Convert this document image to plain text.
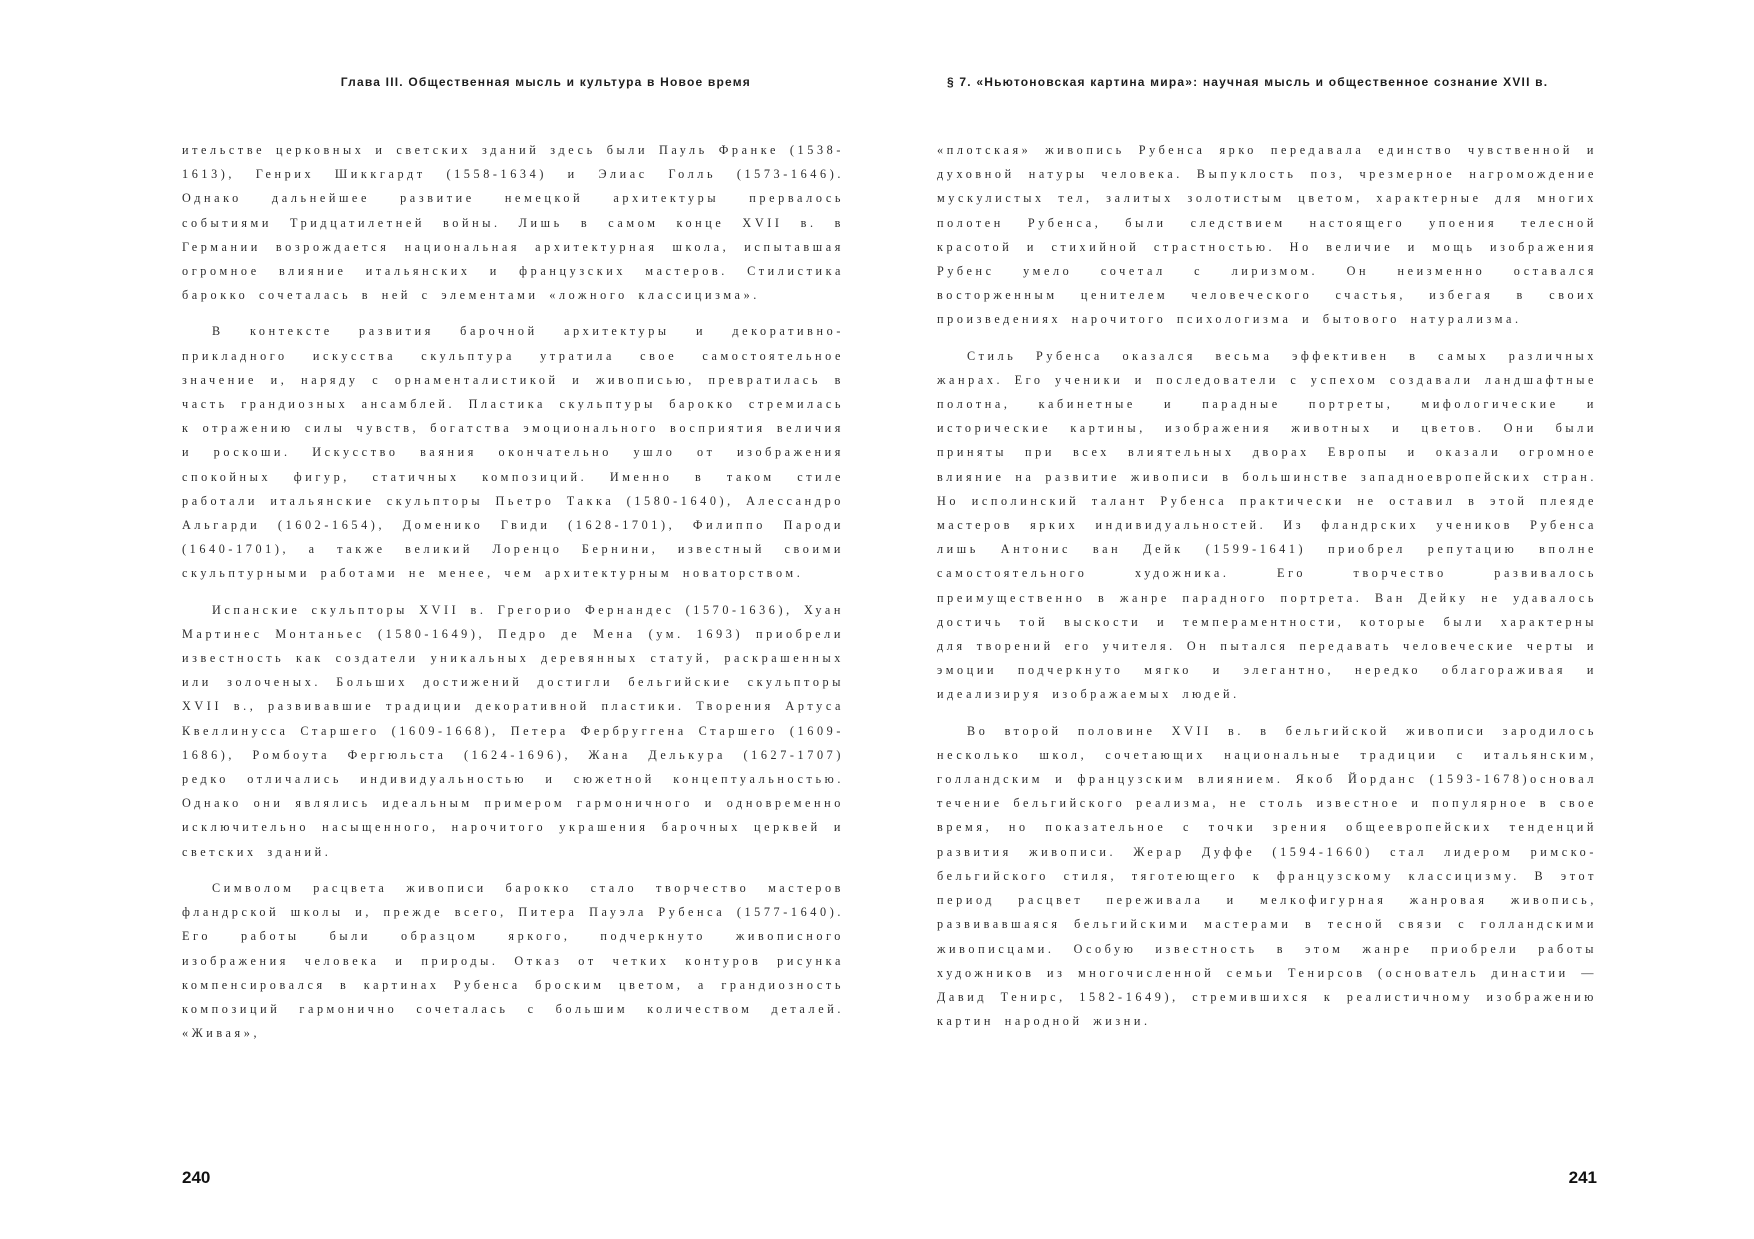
Глава III. Общественная мысль и культура в Новое время

ительстве церковных и светских зданий здесь были Пауль Франке (1538-1613), Генрих Шиккгардт (1558-1634) и Элиас Голль (1573-1646). Однако дальнейшее развитие немецкой архитектуры прервалось событиями Тридцатилетней войны. Лишь в самом конце XVII в. в Германии возрождается национальная архитектурная школа, испытавшая огромное влияние итальянских и французских мастеров. Стилистика барокко сочеталась в ней с элементами «ложного классицизма».

В контексте развития барочной архитектуры и декоративно-прикладного искусства скульптура утратила свое самостоятельное значение и, наряду с орнаменталистикой и живописью, превратилась в часть грандиозных ансамблей. Пластика скульптуры барокко стремилась к отражению силы чувств, богатства эмоционального восприятия величия и роскоши. Искусство ваяния окончательно ушло от изображения спокойных фигур, статичных композиций. Именно в таком стиле работали итальянские скульпторы Пьетро Такка (1580-1640), Алессандро Альгарди (1602-1654), Доменико Гвиди (1628-1701), Филиппо Пароди (1640-1701), а также великий Лоренцо Бернини, известный своими скульптурными работами не менее, чем архитектурным новаторством.

Испанские скульпторы XVII в. Грегорио Фернандес (1570-1636), Хуан Мартинес Монтаньес (1580-1649), Педро де Мена (ум. 1693) приобрели известность как создатели уникальных деревянных статуй, раскрашенных или золоченых. Больших достижений достигли бельгийские скульпторы XVII в., развивавшие традиции декоративной пластики. Творения Артуса Квеллинусса Старшего (1609-1668), Петера Фербруггена Старшего (1609-1686), Ромбоута Фергюльста (1624-1696), Жана Делькура (1627-1707) редко отличались индивидуальностью и сюжетной концептуальностью. Однако они являлись идеальным примером гармоничного и одновременно исключительно насыщенного, нарочитого украшения барочных церквей и светских зданий.

Символом расцвета живописи барокко стало творчество мастеров фландрской школы и, прежде всего, Питера Пауэла Рубенса (1577-1640). Его работы были образцом яркого, подчеркнуто живописного изображения человека и природы. Отказ от четких контуров рисунка компенсировался в картинах Рубенса броским цветом, а грандиозность композиций гармонично сочеталась с большим количеством деталей. «Живая»,

240
§ 7. «Ньютоновская картина мира»: научная мысль и общественное сознание XVII в.

«плотская» живопись Рубенса ярко передавала единство чувственной и духовной натуры человека. Выпуклость поз, чрезмерное нагромождение мускулистых тел, залитых золотистым цветом, характерные для многих полотен Рубенса, были следствием настоящего упоения телесной красотой и стихийной страстностью. Но величие и мощь изображения Рубенс умело сочетал с лиризмом. Он неизменно оставался восторженным ценителем человеческого счастья, избегая в своих произведениях нарочитого психологизма и бытового натурализма.

Стиль Рубенса оказался весьма эффективен в самых различных жанрах. Его ученики и последователи с успехом создавали ландшафтные полотна, кабинетные и парадные портреты, мифологические и исторические картины, изображения животных и цветов. Они были приняты при всех влиятельных дворах Европы и оказали огромное влияние на развитие живописи в большинстве западноевропейских стран. Но исполинский талант Рубенса практически не оставил в этой плеяде мастеров ярких индивидуальностей. Из фландрских учеников Рубенса лишь Антонис ван Дейк (1599-1641) приобрел репутацию вполне самостоятельного художника. Его творчество развивалось преимущественно в жанре парадного портрета. Ван Дейку не удавалось достичь той выскости и темпераментности, которые были характерны для творений его учителя. Он пытался передавать человеческие черты и эмоции подчеркнуто мягко и элегантно, нередко облагораживая и идеализируя изображаемых людей.

Во второй половине XVII в. в бельгийской живописи зародилось несколько школ, сочетающих национальные традиции с итальянским, голландским и французским влиянием. Якоб Йорданс (1593-1678)основал течение бельгийского реализма, не столь известное и популярное в свое время, но показательное с точки зрения общеевропейских тенденций развития живописи. Жерар Дуффе (1594-1660) стал лидером римско-бельгийского стиля, тяготеющего к французскому классицизму. В этот период расцвет переживала и мелкофигурная жанровая живопись, развивавшаяся бельгийскими мастерами в тесной связи с голландскими живописцами. Особую известность в этом жанре приобрели работы художников из многочисленной семьи Тенирсов (основатель династии — Давид Тенирс, 1582-1649), стремившихся к реалистичному изображению картин народной жизни.

241
